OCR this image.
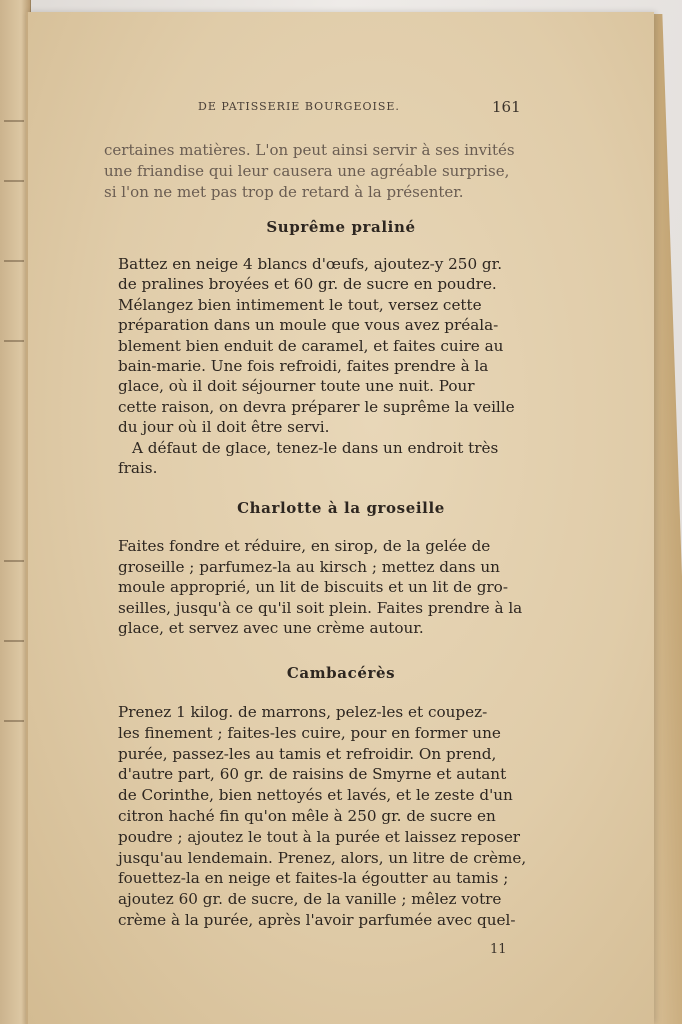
DE PATISSERIE BOURGEOISE.	161
certaines matières. L'on peut ainsi servir à ses invités
une friandise qui leur causera une agréable surprise,
si l'on ne met pas trop de retard à la présenter.
Suprême praliné
Battez en neige 4 blancs d'œufs, ajoutez-y 250 gr.
de pralines broyées et 60 gr. de sucre en poudre.
Mélangez bien intimement le tout, versez cette
préparation dans un moule que vous avez préala-
blement bien enduit de caramel, et faites cuire au
bain-marie. Une fois refroidi, faites prendre à la
glace, où il doit séjourner toute une nuit. Pour
cette raison, on devra préparer le suprême la veille
du jour où il doit être servi.
A défaut de glace, tenez-le dans un endroit très
frais.
Charlotte à la groseille
Faites fondre et réduire, en sirop, de la gelée de
groseille ; parfumez-la au kirsch ; mettez dans un
moule approprié, un lit de biscuits et un lit de gro-
seilles, jusqu'à ce qu'il soit plein. Faites prendre à la
glace, et servez avec une crème autour.
Cambacérès
Prenez 1 kilog. de marrons, pelez-les et coupez-
les finement ; faites-les cuire, pour en former une
purée, passez-les au tamis et refroidir. On prend,
d'autre part, 60 gr. de raisins de Smyrne et autant
de Corinthe, bien nettoyés et lavés, et le zeste d'un
citron haché fin qu'on mêle à 250 gr. de sucre en
poudre ; ajoutez le tout à la purée et laissez reposer
jusqu'au lendemain. Prenez, alors, un litre de crème,
fouettez-la en neige et faites-la égoutter au tamis ;
ajoutez 60 gr. de sucre, de la vanille ; mêlez votre
crème à la purée, après l'avoir parfumée avec quel-
11
